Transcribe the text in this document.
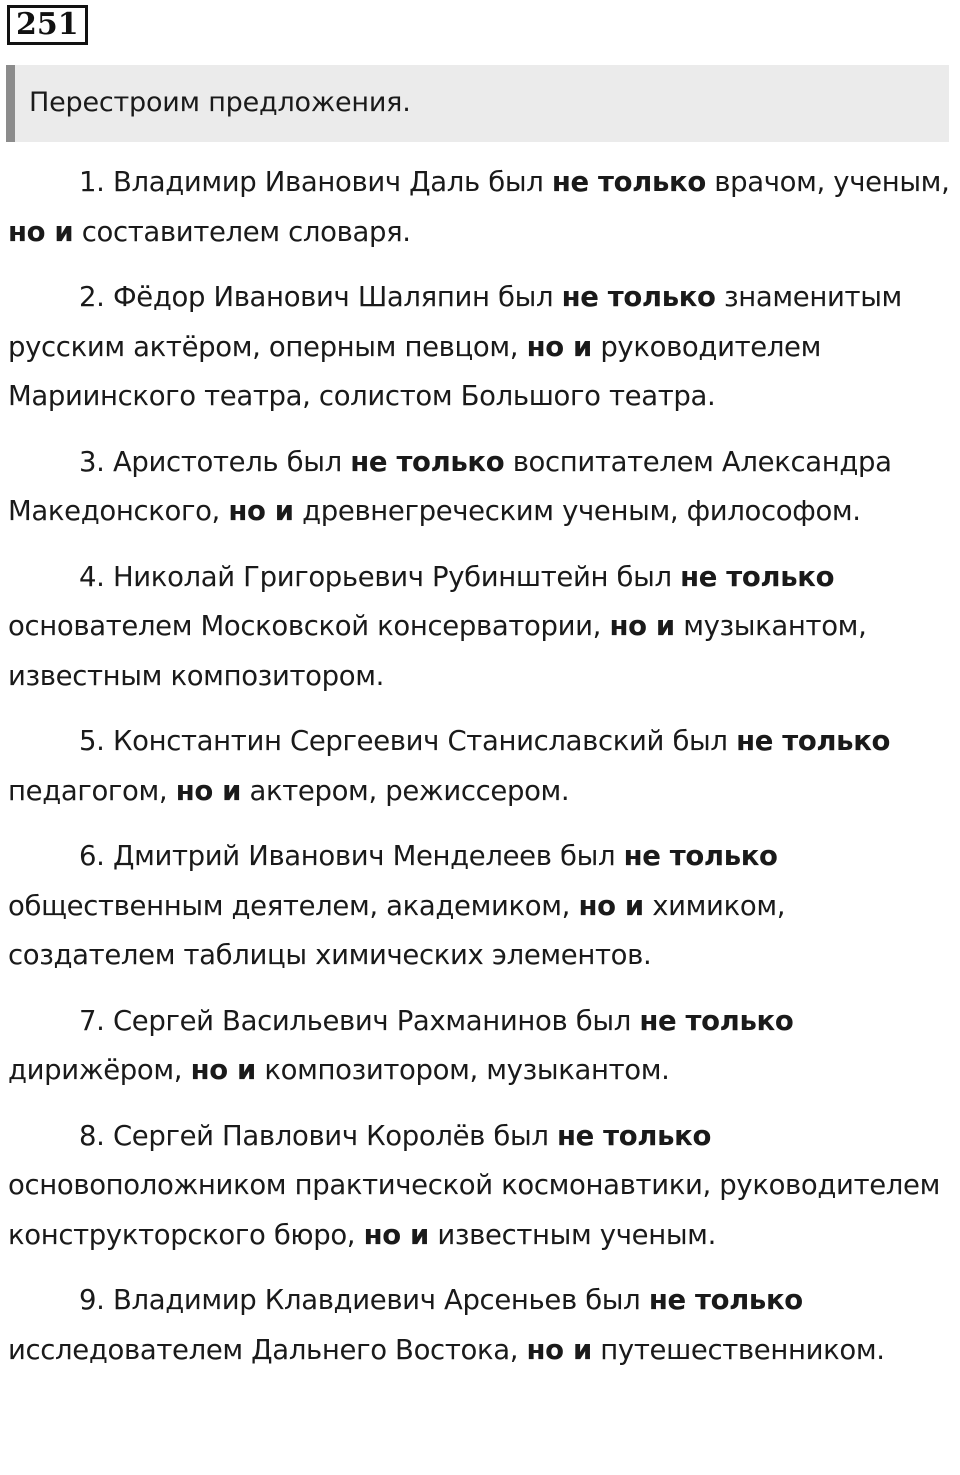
251
Перестроим предложения.

1. Владимир Иванович Даль был не только врачом, ученым, но и составителем словаря.

2. Фёдор Иванович Шаляпин был не только знаменитым русским актёром, оперным певцом, но и руководителем Мариинского театра, солистом Большого театра.

3. Аристотель был не только воспитателем Александра Македонского, но и древнегреческим ученым, философом.

4. Николай Григорьевич Рубинштейн был не только основателем Московской консерватории, но и музыкантом, известным композитором.

5. Константин Сергеевич Станиславский был не только педагогом, но и актером, режиссером.

6. Дмитрий Иванович Менделеев был не только общественным деятелем, академиком, но и химиком, создателем таблицы химических элементов.

7. Сергей Васильевич Рахманинов был не только дирижёром, но и композитором, музыкантом.

8. Сергей Павлович Королёв был не только основоположником практической космонавтики, руководителем конструкторского бюро, но и известным ученым.

9. Владимир Клавдиевич Арсеньев был не только исследователем Дальнего Востока, но и путешественником.
